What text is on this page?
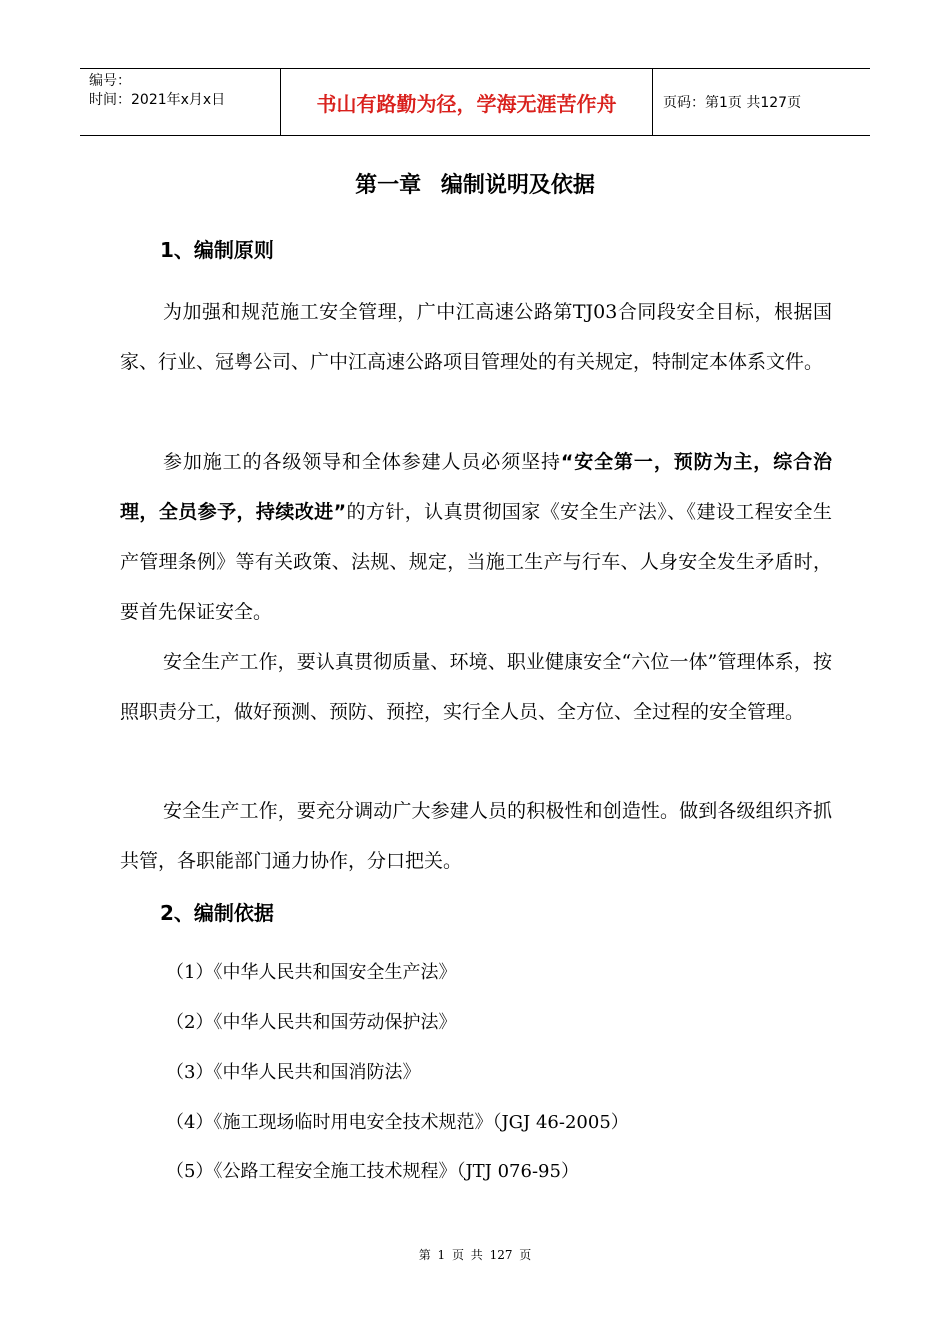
编号：
时间：2021年x月x日	书山有路勤为径，学海无涯苦作舟	页码：第1页 共127页
第一章 编制说明及依据
1、编制原则

为加强和规范施工安全管理，广中江高速公路第TJ03合同段安全目标，根据国家、行业、冠粤公司、广中江高速公路项目管理处的有关规定，特制定本体系文件。

参加施工的各级领导和全体参建人员必须坚持“安全第一，预防为主，综合治理，全员参予，持续改进”的方针，认真贯彻国家《安全生产法》、《建设工程安全生产管理条例》等有关政策、法规、规定，当施工生产与行车、人身安全发生矛盾时，要首先保证安全。

安全生产工作，要认真贯彻质量、环境、职业健康安全“六位一体”管理体系，按照职责分工，做好预测、预防、预控，实行全人员、全方位、全过程的安全管理。

安全生产工作，要充分调动广大参建人员的积极性和创造性。做到各级组织齐抓共管，各职能部门通力协作，分口把关。

2、编制依据
（1）《中华人民共和国安全生产法》
（2）《中华人民共和国劳动保护法》
（3）《中华人民共和国消防法》
（4）《施工现场临时用电安全技术规范》（JGJ 46-2005）
（5）《公路工程安全施工技术规程》（JTJ 076-95）
第 1 页 共 127 页
